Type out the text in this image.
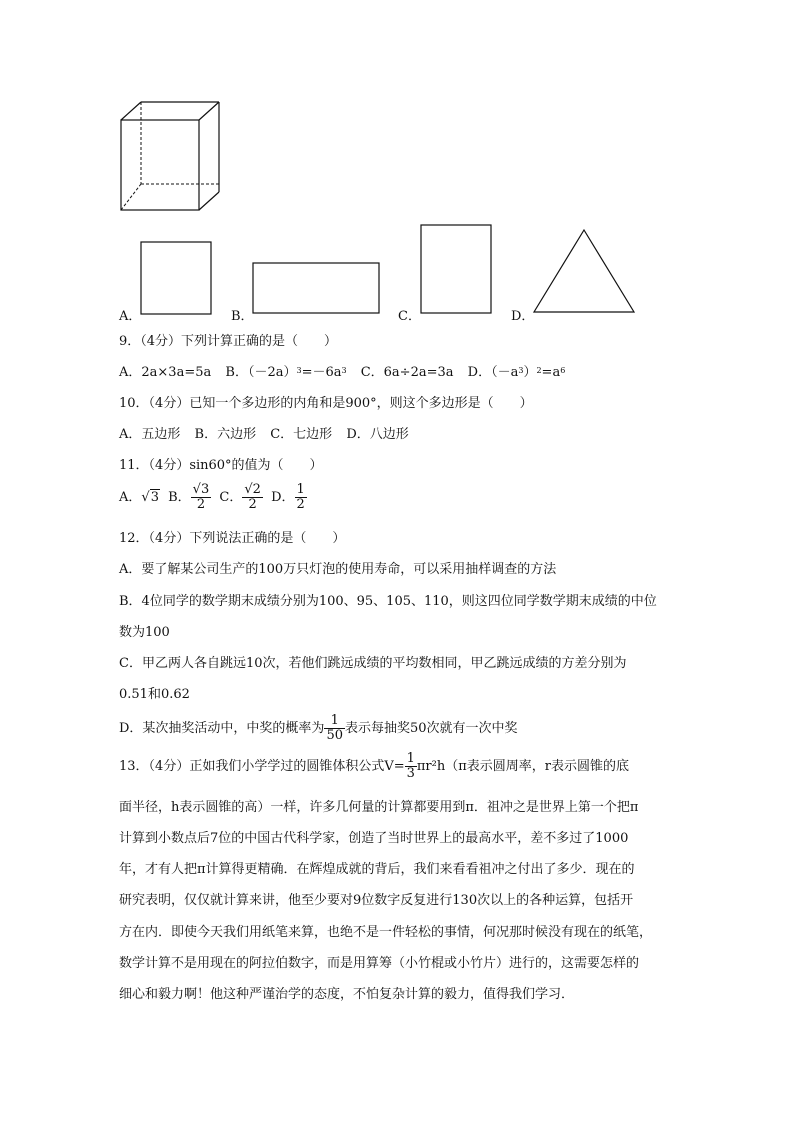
A．	B．	C．	D．
9．（4分）下列计算正确的是（　　）
A．2a×3a=5a B．$(-2a)^3=-6a^3$ C．6a÷2a=3a D．$(-a^3)^2=a^6$
10．（4分）已知一个多边形的内角和是900°，则这个多边形是（　　）
A．五边形 B．六边形 C．七边形 D．八边形
11．（4分）sin60°的值为（　　）
A．√3 B． $\frac{√3}{2}$ C． $\frac{√2}{2}$ D． $\frac{1}{2}$
12．（4分）下列说法正确的是（　　）
A．要了解某公司生产的100万只灯泡的使用寿命，可以采用抽样调查的方法
B．4位同学的数学期末成绩分别为100、95、105、110，则这四位同学数学期末成绩的中位
数为100
C．甲乙两人各自跳远10次，若他们跳远成绩的平均数相同，甲乙跳远成绩的方差分别为
0.51和0.62
D．某次抽奖活动中，中奖的概率为 $\frac{1}{50}$ 表示每抽奖50次就有一次中奖
13．（4分）正如我们小学学过的圆锥体积公式$V= \frac{1}{3} \pi r^2h(\pi$表示圆周率，r表示圆锥的底
面半径，h表示圆锥的高）一样，许多几何量的计算都要用到π．祖冲之是世界上第一个把π
计算到小数点后7位的中国古代科学家，创造了当时世界上的最高水平，差不多过了1000
年，才有人把π计算得更精确．在辉煌成就的背后，我们来看看祖冲之付出了多少．现在的
研究表明，仅仅就计算来讲，他至少要对9位数字反复进行130次以上的各种运算，包括开
方在内．即使今天我们用纸笔来算，也绝不是一件轻松的事情，何况那时候没有现在的纸笔，
数学计算不是用现在的阿拉伯数字，而是用算筹（小竹棍或小竹片）进行的，这需要怎样的
细心和毅力啊！他这种严谨治学的态度，不怕复杂计算的毅力，值得我们学习．
